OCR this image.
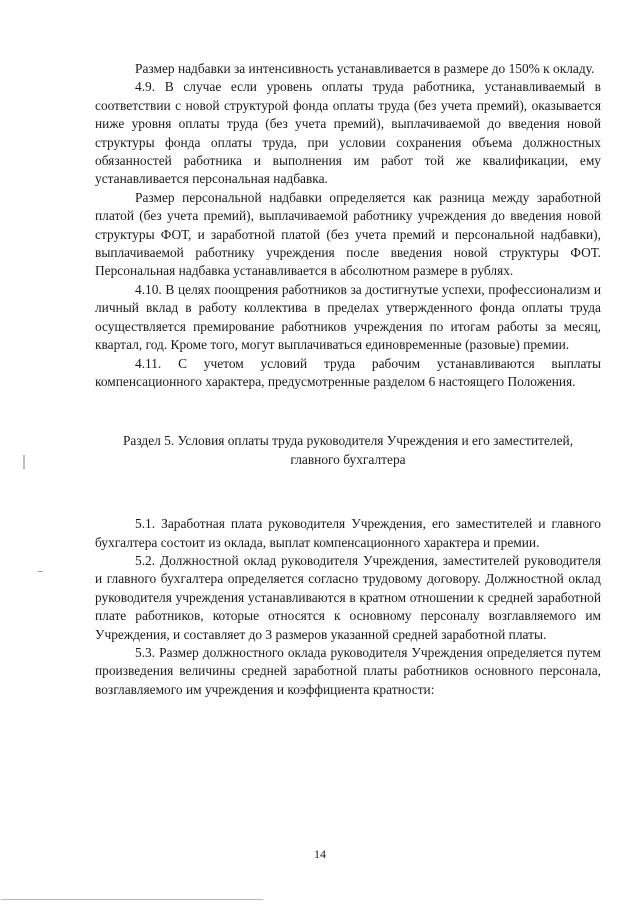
Размер надбавки за интенсивность устанавливается в размере до 150% к окладу.

4.9. В случае если уровень оплаты труда работника, устанавливаемый в соответствии с новой структурой фонда оплаты труда (без учета премий), оказывается ниже уровня оплаты труда (без учета премий), выплачиваемой до введения новой структуры фонда оплаты труда, при условии сохранения объема должностных обязанностей работника и выполнения им работ той же квалификации, ему устанавливается персональная надбавка.

Размер персональной надбавки определяется как разница между заработной платой (без учета премий), выплачиваемой работнику учреждения до введения новой структуры ФОТ, и заработной платой (без учета премий и персональной надбавки), выплачиваемой работнику учреждения после введения новой структуры ФОТ. Персональная надбавка устанавливается в абсолютном размере в рублях.

4.10. В целях поощрения работников за достигнутые успехи, профессионализм и личный вклад в работу коллектива в пределах утвержденного фонда оплаты труда осуществляется премирование работников учреждения по итогам работы за месяц, квартал, год. Кроме того, могут выплачиваться единовременные (разовые) премии.

4.11. С учетом условий труда рабочим устанавливаются выплаты компенсационного характера, предусмотренные разделом 6 настоящего Положения.

Раздел 5. Условия оплаты труда руководителя Учреждения и его заместителей, главного бухгалтера

5.1. Заработная плата руководителя Учреждения, его заместителей и главного бухгалтера состоит из оклада, выплат компенсационного характера и премии.

5.2. Должностной оклад руководителя Учреждения, заместителей руководителя и главного бухгалтера определяется согласно трудовому договору. Должностной оклад руководителя учреждения устанавливаются в кратном отношении к средней заработной плате работников, которые относятся к основному персоналу возглавляемого им Учреждения, и составляет до 3 размеров указанной средней заработной платы.

5.3. Размер должностного оклада руководителя Учреждения определяется путем произведения величины средней заработной платы работников основного персонала, возглавляемого им учреждения и коэффициента кратности:

14
